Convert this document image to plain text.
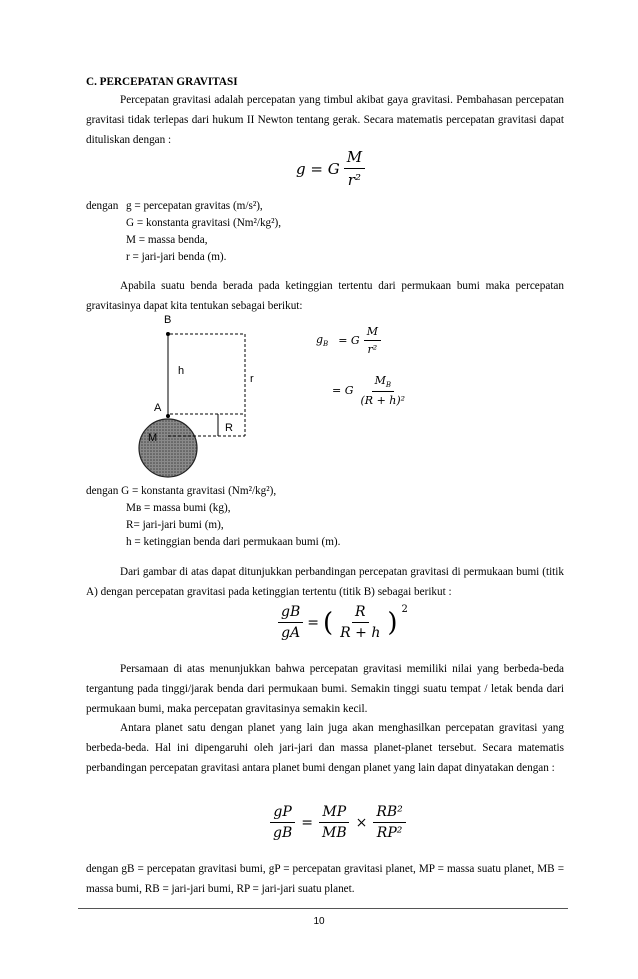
C. PERCEPATAN GRAVITASI
Percepatan gravitasi adalah percepatan yang timbul akibat gaya gravitasi. Pembahasan percepatan gravitasi tidak terlepas dari hukum II Newton tentang gerak. Secara matematis percepatan gravitasi dapat dituliskan dengan :
g = G $\frac{M}{\text{r²}}$
dengan g = percepatan gravitas (m/s²),
G = konstanta gravitasi (Nm²/kg²),
M = massa benda,
r = jari-jari benda (m).
Apabila suatu benda berada pada ketinggian tertentu dari permukaan bumi maka percepatan gravitasinya dapat kita tentukan sebagai berikut:
B
h
r
A
M
R
$g_B = G \frac{M}{\text{r²}}$
= G $\frac{M_B}{\text{(R + h)²}}$
dengan G = konstanta gravitasi (Nm²/kg²),
Mʙ = massa bumi (kg),
R= jari-jari bumi (m),
h = ketinggian benda dari permukaan bumi (m).
Dari gambar di atas dapat ditunjukkan perbandingan percepatan gravitasi di permukaan bumi (titik A) dengan percepatan gravitasi pada ketinggian tertentu (titik B) sebagai berikut :
$\frac{gB}{gA}$ = ( $\frac{R}{R + h}$ ) 2
Persamaan di atas menunjukkan bahwa percepatan gravitasi memiliki nilai yang berbeda-beda tergantung pada tinggi/jarak benda dari permukaan bumi. Semakin tinggi suatu tempat / letak benda dari permukaan bumi, maka percepatan gravitasinya semakin kecil.
Antara planet satu dengan planet yang lain juga akan menghasilkan percepatan gravitasi yang berbeda-beda. Hal ini dipengaruhi oleh jari-jari dan massa planet-planet tersebut. Secara matematis perbandingan percepatan gravitasi antara planet bumi dengan planet yang lain dapat dinyatakan dengan :
$\frac{gP}{gB} = \frac{MP}{MB} \times \frac{\text{RB²}}{\text{RP²}}$
dengan gB = percepatan gravitasi bumi, gP = percepatan gravitasi planet, MP = massa suatu planet, MB = massa bumi, RB = jari-jari bumi, RP = jari-jari suatu planet.
10
